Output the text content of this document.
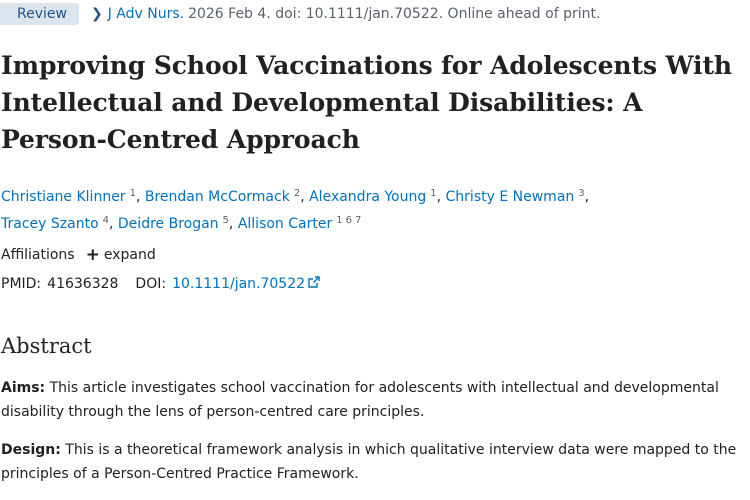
Review	❯ J Adv Nurs. 2026 Feb 4. doi: 10.1111/jan.70522. Online ahead of print.
Improving School Vaccinations for Adolescents With Intellectual and Developmental Disabilities: A Person-Centred Approach
Christiane Klinner $^1$, Brendan McCormack $^2$, Alexandra Young $^1$, Christy E Newman $^3$,
Tracey Szanto $^4$, Deidre Brogan $^5$, Allison Carter $^1$ $^6$ $^7$
Affiliations + expand
PMID: 41636328 DOI: 10.1111/jan.70522
Abstract

Aims: This article investigates school vaccination for adolescents with intellectual and developmental disability through the lens of person-centred care principles.

Design: This is a theoretical framework analysis in which qualitative interview data were mapped to the principles of a Person-Centred Practice Framework.
